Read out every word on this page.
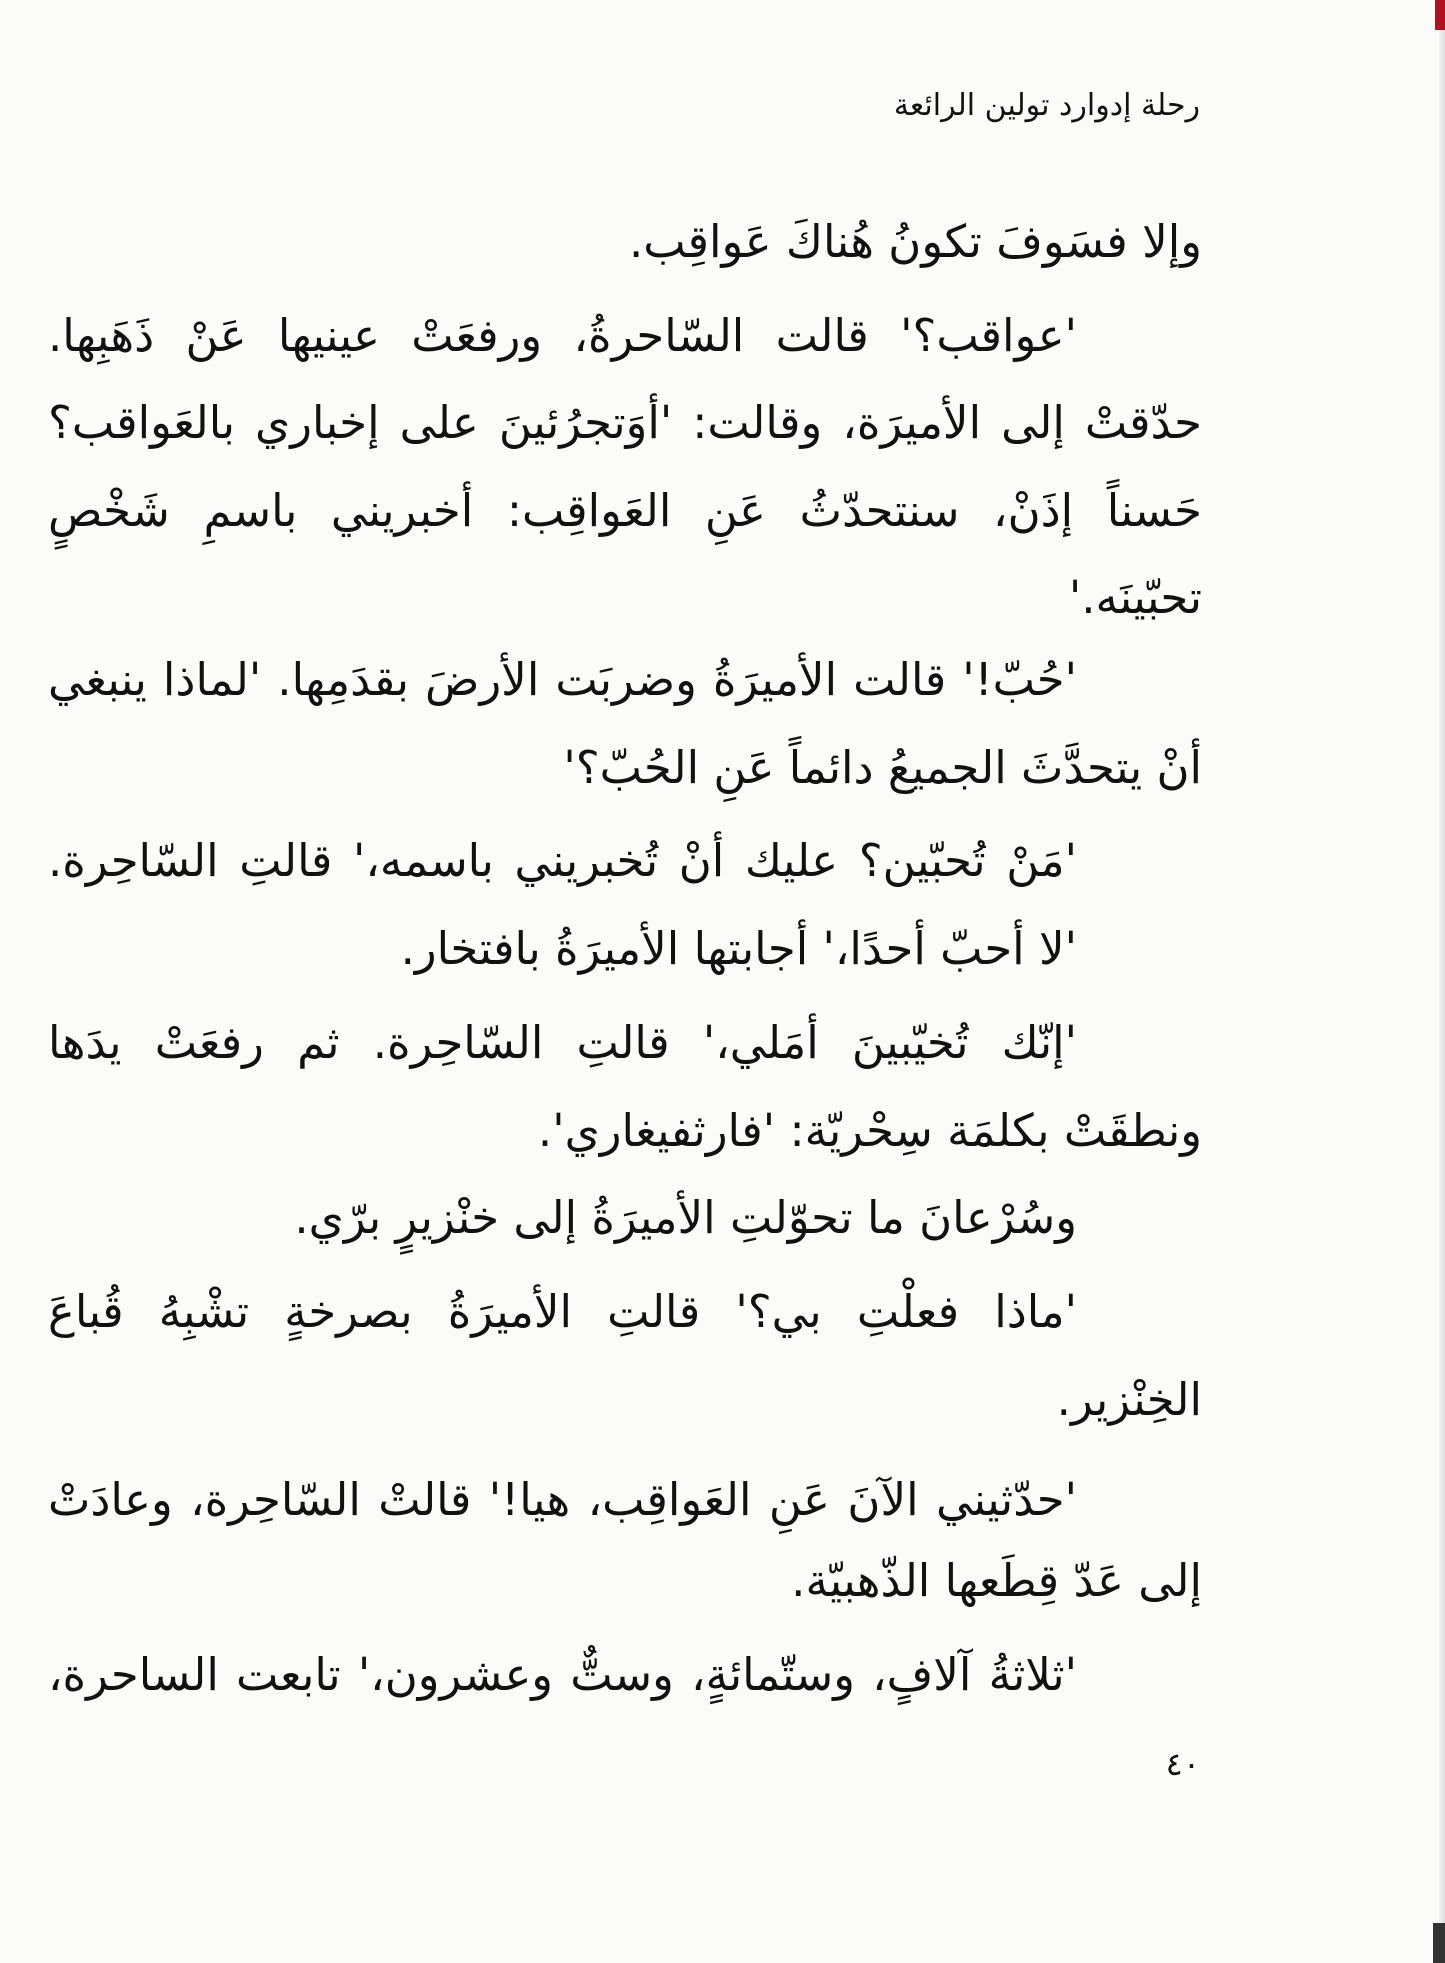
رحلة إدوارد تولين الرائعة
وإلا فسَوفَ تكونُ هُناكَ عَواقِب.
'عواقب؟' قالت السّاحرةُ، ورفعَتْ عينيها عَنْ ذَهَبِها.
حدّقتْ إلى الأميرَة، وقالت: 'أوَتجرُئينَ على إخباري بالعَواقب؟
حَسناً إذَنْ، سنتحدّثُ عَنِ العَواقِب: أخبريني باسمِ شَخْصٍ
تحبّينَه.'
'حُبّ!' قالت الأميرَةُ وضربَت الأرضَ بقدَمِها. 'لماذا ينبغي
أنْ يتحدَّثَ الجميعُ دائماً عَنِ الحُبّ؟'
'مَنْ تُحبّين؟ عليك أنْ تُخبريني باسمه،' قالتِ السّاحِرة.
'لا أحبّ أحدًا،' أجابتها الأميرَةُ بافتخار.
'إنّك تُخيّبينَ أمَلي،' قالتِ السّاحِرة. ثم رفعَتْ يدَها
ونطقَتْ بكلمَة سِحْريّة: 'فارثفيغاري'.
وسُرْعانَ ما تحوّلتِ الأميرَةُ إلى خنْزيرٍ برّي.
'ماذا فعلْتِ بي؟' قالتِ الأميرَةُ بصرخةٍ تشْبِهُ قُباعَ
الخِنْزير.
'حدّثيني الآنَ عَنِ العَواقِب، هيا!' قالتْ السّاحِرة، وعادَتْ
إلى عَدّ قِطَعها الذّهبيّة.
'ثلاثةُ آلافٍ، وستّمائةٍ، وستٌّ وعشرون،' تابعت الساحرة،
٤٠
